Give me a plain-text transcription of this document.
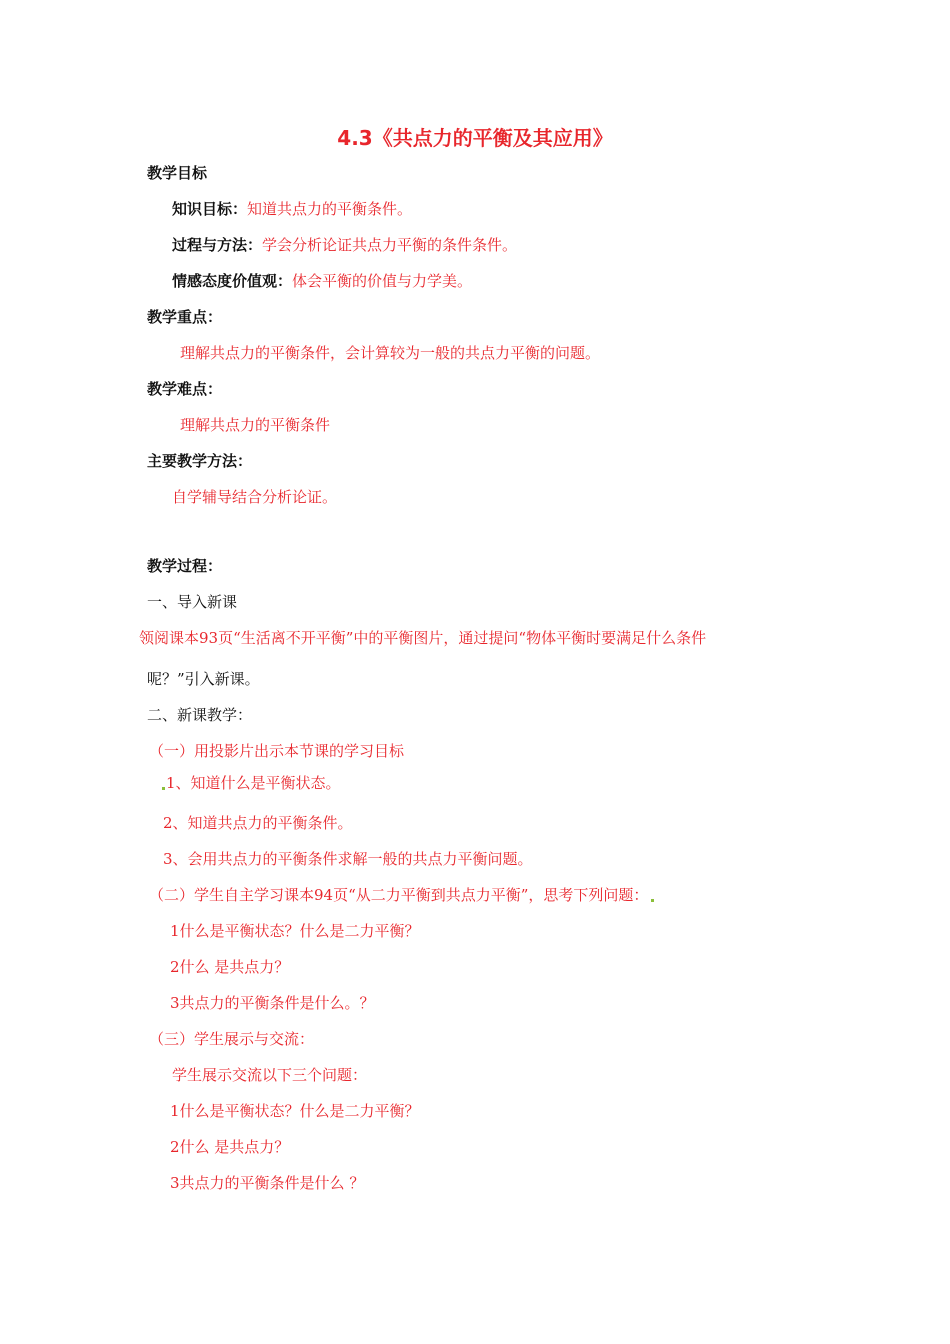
4.3《共点力的平衡及其应用》
教学目标
知识目标：知道共点力的平衡条件。
过程与方法：学会分析论证共点力平衡的条件条件。
情感态度价值观：体会平衡的价值与力学美。
教学重点：
理解共点力的平衡条件，会计算较为一般的共点力平衡的问题。
教学难点：
理解共点力的平衡条件
主要教学方法：
自学辅导结合分析论证。
教学过程：
一、导入新课
领阅课本93页“生活离不开平衡”中的平衡图片，通过提问“物体平衡时要满足什么条件
呢？”引入新课。
二、新课教学：
（一）用投影片出示本节课的学习目标
1、知道什么是平衡状态。
2、知道共点力的平衡条件。
3、会用共点力的平衡条件求解一般的共点力平衡问题。
（二）学生自主学习课本94页“从二力平衡到共点力平衡”，思考下列问题：
1什么是平衡状态？什么是二力平衡？
2什么 是共点力？
3共点力的平衡条件是什么。？
（三）学生展示与交流：
学生展示交流以下三个问题：
1什么是平衡状态？什么是二力平衡？
2什么 是共点力？
3共点力的平衡条件是什么 ？
